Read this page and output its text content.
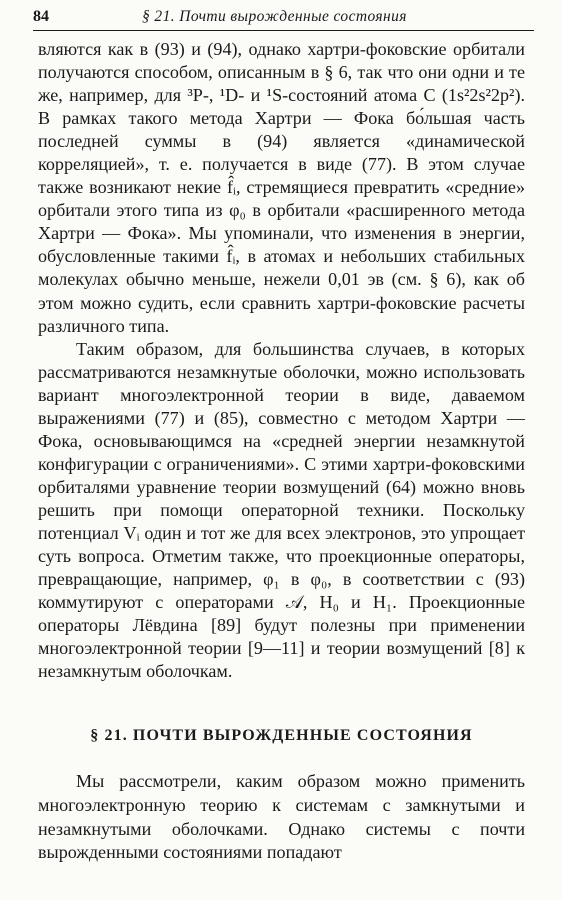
84	§ 21. Почти вырожденные состояния

вляются как в (93) и (94), однако хартри-фоковские орбитали получаются способом, описанным в § 6, так что они одни и те же, например, для ³P-, ¹D- и ¹S-состояний атома C (1s²2s²2p²). В рамках такого метода Хартри — Фока бо́льшая часть последней суммы в (94) является «динамической корреляцией», т. е. получается в виде (77). В этом случае также возникают некие f̂ᵢ, стремящиеся превратить «средние» орбитали этого типа из φ₀ в орбитали «расширенного метода Хартри — Фока». Мы упоминали, что изменения в энергии, обусловленные такими f̂ᵢ, в атомах и небольших стабильных молекулах обычно меньше, нежели 0,01 эв (см. § 6), как об этом можно судить, если сравнить хартри-фоковские расчеты различного типа.

Таким образом, для большинства случаев, в которых рассматриваются незамкнутые оболочки, можно использовать вариант многоэлектронной теории в виде, даваемом выражениями (77) и (85), совместно с методом Хартри — Фока, основывающимся на «средней энергии незамкнутой конфигурации с ограничениями». С этими хартри-фоковскими орбиталями уравнение теории возмущений (64) можно вновь решить при помощи операторной техники. Поскольку потенциал Vᵢ один и тот же для всех электронов, это упрощает суть вопроса. Отметим также, что проекционные операторы, превращающие, например, φ₁ в φ₀, в соответствии с (93) коммутируют с операторами 𝒜, H₀ и H₁. Проекционные операторы Лёвдина [89] будут полезны при применении многоэлектронной теории [9—11] и теории возмущений [8] к незамкнутым оболочкам.

§ 21. ПОЧТИ ВЫРОЖДЕННЫЕ СОСТОЯНИЯ

Мы рассмотрели, каким образом можно применить многоэлектронную теорию к системам с замкнутыми и незамкнутыми оболочками. Однако системы с почти вырожденными состояниями попадают
